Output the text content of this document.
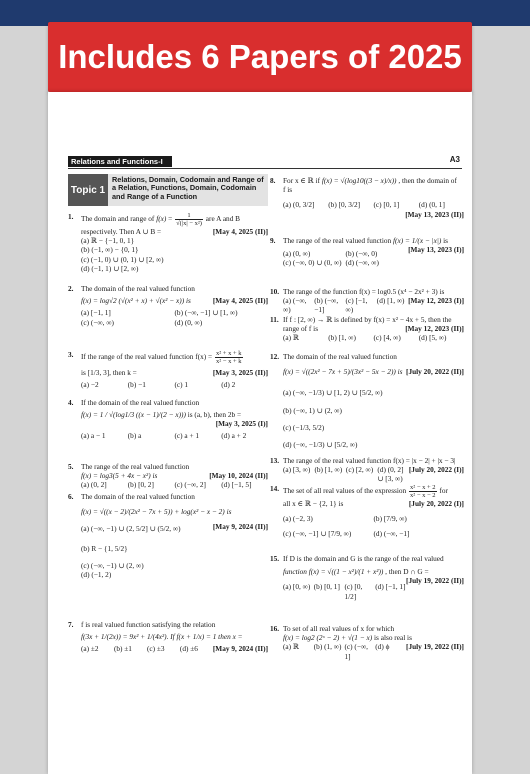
Includes 6 Papers of 2025
Relations and Functions-I	A3
Topic 1
Relations, Domain, Codomain and Range of a Relation, Functions, Domain, Codomain and Range of a Function
1. The domain and range of $f(x) = \frac{1}{\text{√(|x| − x²)}}$ are A and B
respectively. Then A ∪ B =	[May 4, 2025 (II)]
(a) ℝ − {−1, 0, 1}
(b) (−1, ∞) − {0, 1}
(c) (−1, 0) ∪ (0, 1) ∪ [2, ∞)
(d) (−1, 1) ∪ [2, ∞)
2. The domain of the real valued function
f(x) = log√2 (√(x² + x) + √(x² − x)) is	[May 4, 2025 (II)]
(a) [−1, 1]	(b) (−∞, −1] ∪ [1, ∞)
(c) (−∞, ∞)	(d) (0, ∞)
3. If the range of the real valued function $f(x) = \frac{\text{x² + x + k}}{\text{x² − x + k}}$
is [1/3, 3], then k =	[May 3, 2025 (II)]
(a) −2	(b) −1	(c) 1	(d) 2
4. If the domain of the real valued function
f(x) = 1 / √(log1/3 ((x − 1)/(2 − x))) is (a, b), then 2b =
[May 3, 2025 (I)]
(a) a − 1	(b) a	(c) a + 1	(d) a + 2
5. The range of the real valued function
f(x) = log3(5 + 4x − x²) is	[May 10, 2024 (II)]
(a) (0, 2]	(b) [0, 2]	(c) (−∞, 2]	(d) [−1, 5]
6. The domain of the real valued function
f(x) = √((x − 2)/(2x² − 7x + 5)) + log(x² − x − 2) is
[May 9, 2024 (II)]
(a) (−∞, −1) ∪ (2, 5/2] ∪ (5/2, ∞)
(b) R − {1, 5/2}
(c) (−∞, −1) ∪ (2, ∞)
(d) (−1, 2)
7. f is real valued function satisfying the relation
f(3x + 1/(2x)) = 9x² + 1/(4x²). If f(x + 1/x) = 1 then x =
[May 9, 2024 (II)]
(a) ±2	(b) ±1	(c) ±3	(d) ±6
8. For x ∈ ℝ if f(x) = √(log10((3 − x)/x)) , then the domain of
f is
(a) (0, 3/2]	(b) [0, 3/2]	(c) [0, 1]	(d) (0, 1]
[May 13, 2023 (II)]
9. The range of the real valued function f(x) = 1/(x − |x|) is
[May 13, 2023 (I)]
(a) (0, ∞)	(b) (−∞, 0)
(c) (−∞, 0) ∪ (0, ∞) (d) (−∞, ∞)
10. The range of the function f(x) = log0.5 (x⁴ − 2x² + 3) is
[May 12, 2023 (I)]
(a) (−∞, ∞)
(b) (−∞, −1]
(c) [−1, ∞)
(d) [1, ∞)
11. If f : [2, ∞) → ℝ is defined by f(x) = x² − 4x + 5, then the
range of f is	[May 12, 2023 (II)]
(a) ℝ	(b) [1, ∞)	(c) [4, ∞)	(d) [5, ∞)
12. The domain of the real valued function
f(x) = √((2x² − 7x + 5)/(3x² − 5x − 2)) is [July 20, 2022 (II)]
(a) (−∞, −1/3) ∪ [1, 2) ∪ [5/2, ∞)
(b) (−∞, 1) ∪ (2, ∞)
(c) (−1/3, 5/2)
(d) (−∞, −1/3) ∪ [5/2, ∞)
13. The range of the real valued function f(x) = |x − 2| + |x − 3|
[July 20, 2022 (I)]
(a) [3, ∞) (b) [1, ∞) (c) [2, ∞) (d) (0, 2] ∪ [3, ∞)
14. The set of all real values of the expression $\frac{\text{x² − x + 2}}{\text{x² − x − 2}}$ for
all x ∈ ℝ − {2, 1} is	[July 20, 2022 (I)]
(a) (−2, 3)	(b) [7/9, ∞)
(c) (−∞, −1] ∪ [7/9, ∞)	(d) (−∞, −1]
15. If D is the domain and G is the range of the real valued
function f(x) = √((1 − x²)/(1 + x²)) , then D ∩ G =
[July 19, 2022 (II)]
(a) [0, ∞) (b) [0, 1] (c) [0, 1/2]
(d) [−1, 1]
16. To set of all real values of x for which
f(x) = log2 (2ˣ − 2) + √(1 − x) is also real is
[July 19, 2022 (II)]
(a) ℝ	(b) (1, ∞) (c) (−∞, 1]
(d) ϕ
